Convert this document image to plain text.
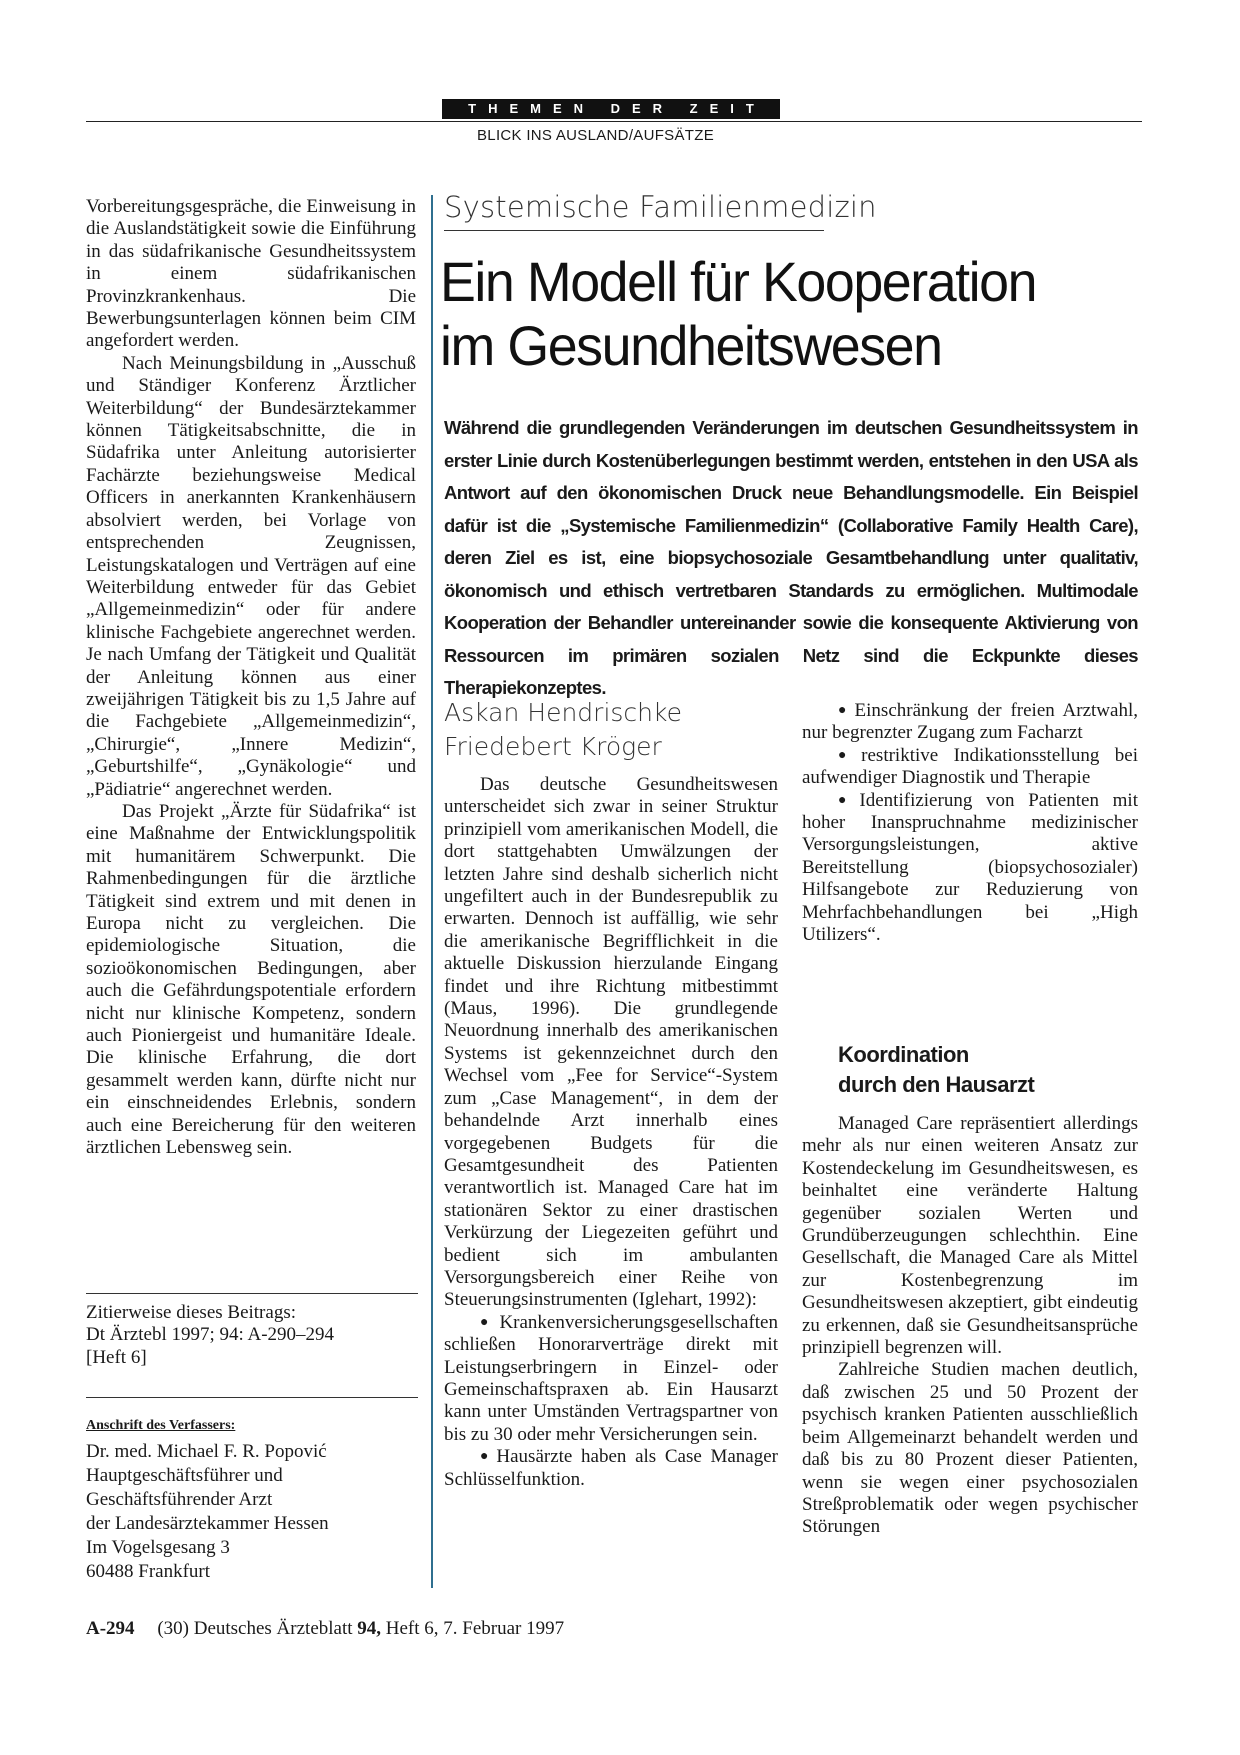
THEMEN DER ZEIT
BLICK INS AUSLAND/AUFSÄTZE

Vorbereitungsgespräche, die Einweisung in die Auslandstätigkeit sowie die Einführung in das südafrikanische Gesundheitssystem in einem südafrikanischen Provinzkrankenhaus. Die Bewerbungsunterlagen können beim CIM angefordert werden.

Nach Meinungsbildung in „Ausschuß und Ständiger Konferenz Ärztlicher Weiterbildung“ der Bundesärztekammer können Tätigkeitsabschnitte, die in Südafrika unter Anleitung autorisierter Fachärzte beziehungsweise Medical Officers in anerkannten Krankenhäusern absolviert werden, bei Vorlage von entsprechenden Zeugnissen, Leistungskatalogen und Verträgen auf eine Weiterbildung entweder für das Gebiet „Allgemeinmedizin“ oder für andere klinische Fachgebiete angerechnet werden. Je nach Umfang der Tätigkeit und Qualität der Anleitung können aus einer zweijährigen Tätigkeit bis zu 1,5 Jahre auf die Fachgebiete „Allgemeinmedizin“, „Chirurgie“, „Innere Medizin“, „Geburtshilfe“, „Gynäkologie“ und „Pädiatrie“ angerechnet werden.

Das Projekt „Ärzte für Südafrika“ ist eine Maßnahme der Entwicklungspolitik mit humanitärem Schwerpunkt. Die Rahmenbedingungen für die ärztliche Tätigkeit sind extrem und mit denen in Europa nicht zu vergleichen. Die epidemiologische Situation, die sozioökonomischen Bedingungen, aber auch die Gefährdungspotentiale erfordern nicht nur klinische Kompetenz, sondern auch Pioniergeist und humanitäre Ideale. Die klinische Erfahrung, die dort gesammelt werden kann, dürfte nicht nur ein einschneidendes Erlebnis, sondern auch eine Bereicherung für den weiteren ärztlichen Lebensweg sein.

Zitierweise dieses Beitrags:
Dt Ärztebl 1997; 94: A-290–294
[Heft 6]
Anschrift des Verfassers:
Dr. med. Michael F. R. Popović
Hauptgeschäftsführer und
Geschäftsführender Arzt
der Landesärztekammer Hessen
Im Vogelsgesang 3
60488 Frankfurt
Systemische Familienmedizin
Ein Modell für Kooperation
im Gesundheitswesen
Während die grundlegenden Veränderungen im deutschen Gesundheitssystem in erster Linie durch Kostenüberlegungen bestimmt werden, entstehen in den USA als Antwort auf den ökonomischen Druck neue Behandlungsmodelle. Ein Beispiel dafür ist die „Systemische Familienmedizin“ (Collaborative Family Health Care), deren Ziel es ist, eine biopsychosoziale Gesamtbehandlung unter qualitativ, ökonomisch und ethisch vertretbaren Standards zu ermöglichen. Multimodale Kooperation der Behandler untereinander sowie die konsequente Aktivierung von Ressourcen im primären sozialen Netz sind die Eckpunkte dieses Therapiekonzeptes.
Askan Hendrischke
Friedebert Kröger

Das deutsche Gesundheitswesen unterscheidet sich zwar in seiner Struktur prinzipiell vom amerikanischen Modell, die dort stattgehabten Umwälzungen der letzten Jahre sind deshalb sicherlich nicht ungefiltert auch in der Bundesrepublik zu erwarten. Dennoch ist auffällig, wie sehr die amerikanische Begrifflichkeit in die aktuelle Diskussion hierzulande Eingang findet und ihre Richtung mitbestimmt (Maus, 1996). Die grundlegende Neuordnung innerhalb des amerikanischen Systems ist gekennzeichnet durch den Wechsel vom „Fee for Service“-System zum „Case Management“, in dem der behandelnde Arzt innerhalb eines vorgegebenen Budgets für die Gesamtgesundheit des Patienten verantwortlich ist. Managed Care hat im stationären Sektor zu einer drastischen Verkürzung der Liegezeiten geführt und bedient sich im ambulanten Versorgungsbereich einer Reihe von Steuerungsinstrumenten (Iglehart, 1992):

● Krankenversicherungsgesellschaften schließen Honorarverträge direkt mit Leistungserbringern in Einzel- oder Gemeinschaftspraxen ab. Ein Hausarzt kann unter Umständen Vertragspartner von bis zu 30 oder mehr Versicherungen sein.

● Hausärzte haben als Case Manager Schlüsselfunktion.

● Einschränkung der freien Arztwahl, nur begrenzter Zugang zum Facharzt

● restriktive Indikationsstellung bei aufwendiger Diagnostik und Therapie

● Identifizierung von Patienten mit hoher Inanspruchnahme medizinischer Versorgungsleistungen, aktive Bereitstellung (biopsychosozialer) Hilfsangebote zur Reduzierung von Mehrfachbehandlungen bei „High Utilizers“.

Koordination
durch den Hausarzt

Managed Care repräsentiert allerdings mehr als nur einen weiteren Ansatz zur Kostendeckelung im Gesundheitswesen, es beinhaltet eine veränderte Haltung gegenüber sozialen Werten und Grundüberzeugungen schlechthin. Eine Gesellschaft, die Managed Care als Mittel zur Kostenbegrenzung im Gesundheitswesen akzeptiert, gibt eindeutig zu erkennen, daß sie Gesundheitsansprüche prinzipiell begrenzen will.

Zahlreiche Studien machen deutlich, daß zwischen 25 und 50 Prozent der psychisch kranken Patienten ausschließlich beim Allgemeinarzt behandelt werden und daß bis zu 80 Prozent dieser Patienten, wenn sie wegen einer psychosozialen Streßproblematik oder wegen psychischer Störungen

A-294 (30) Deutsches Ärzteblatt 94, Heft 6, 7. Februar 1997
